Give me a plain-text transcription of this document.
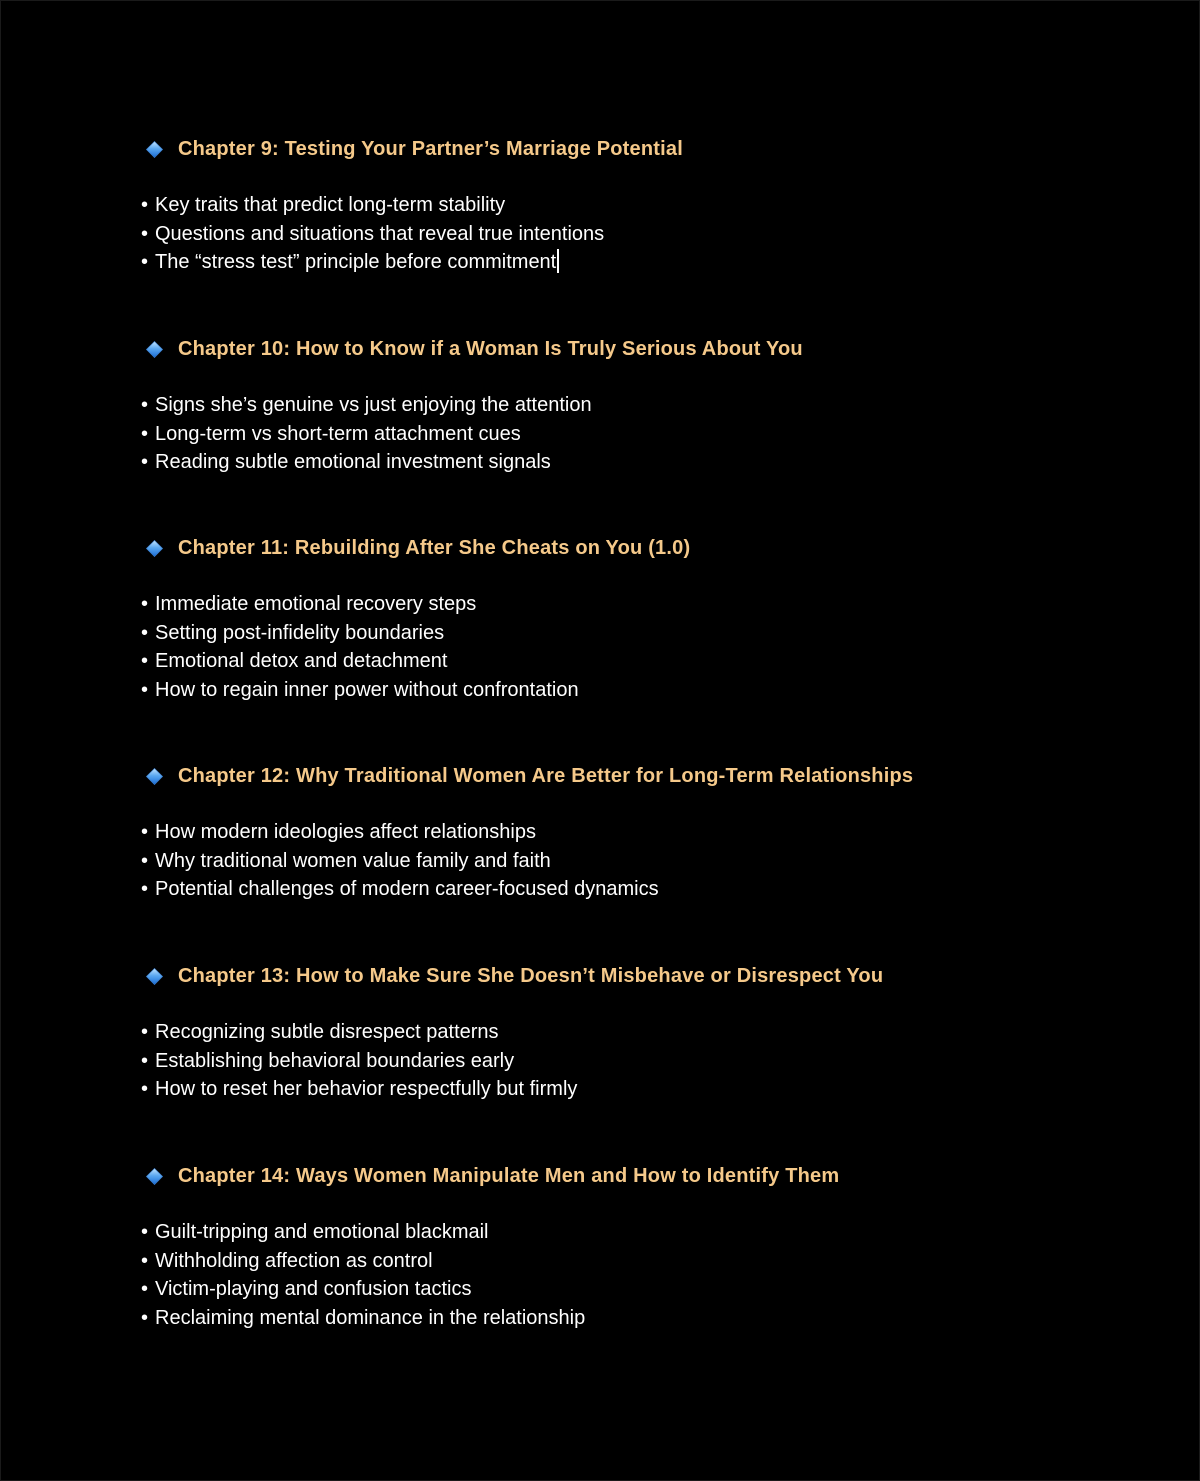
Chapter 9: Testing Your Partner’s Marriage Potential
• Key traits that predict long-term stability
• Questions and situations that reveal true intentions
• The “stress test” principle before commitment
Chapter 10: How to Know if a Woman Is Truly Serious About You
• Signs she’s genuine vs just enjoying the attention
• Long-term vs short-term attachment cues
• Reading subtle emotional investment signals
Chapter 11: Rebuilding After She Cheats on You (1.0)
• Immediate emotional recovery steps
• Setting post-infidelity boundaries
• Emotional detox and detachment
• How to regain inner power without confrontation
Chapter 12: Why Traditional Women Are Better for Long-Term Relationships
• How modern ideologies affect relationships
• Why traditional women value family and faith
• Potential challenges of modern career-focused dynamics
Chapter 13: How to Make Sure She Doesn’t Misbehave or Disrespect You
• Recognizing subtle disrespect patterns
• Establishing behavioral boundaries early
• How to reset her behavior respectfully but firmly
Chapter 14: Ways Women Manipulate Men and How to Identify Them
• Guilt-tripping and emotional blackmail
• Withholding affection as control
• Victim-playing and confusion tactics
• Reclaiming mental dominance in the relationship
